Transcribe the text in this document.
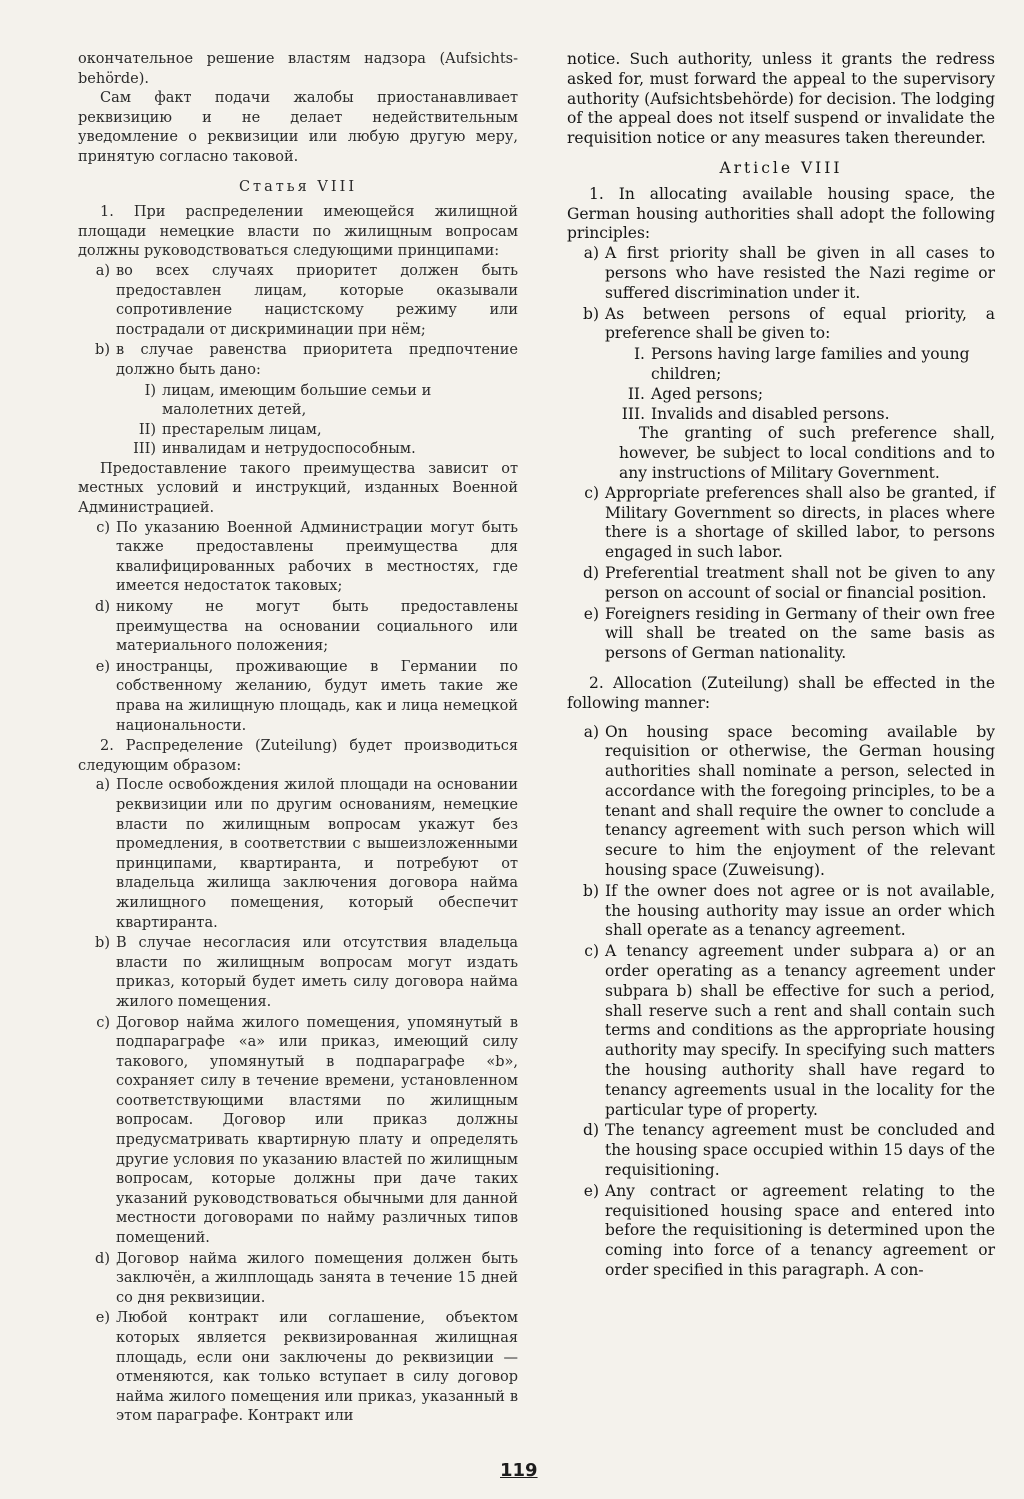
окончательное решение властям надзора (Aufsichts-behörde).

Сам факт подачи жалобы приостанавливает реквизицию и не делает недействительным уведомление о реквизиции или любую другую меру, принятую согласно таковой.

Статья VIII

1. При распределении имеющейся жилищной площади немецкие власти по жилищным вопросам должны руководствоваться следующими принципами:

a) во всех случаях приоритет должен быть предоставлен лицам, которые оказывали сопротивление нацистскому режиму или пострадали от дискриминации при нём;
b) в случае равенства приоритета предпочтение должно быть дано:
I) лицам, имеющим большие семьи и малолетних детей,
II) престарелым лицам,
III) инвалидам и нетрудоспособным.

Предоставление такого преимущества зависит от местных условий и инструкций, изданных Военной Администрацией.

c) По указанию Военной Администрации могут быть также предоставлены преимущества для квалифицированных рабочих в местностях, где имеется недостаток таковых;
d) никому не могут быть предоставлены преимущества на основании социального или материального положения;
e) иностранцы, проживающие в Германии по собственному желанию, будут иметь такие же права на жилищную площадь, как и лица немецкой национальности.

2. Распределение (Zuteilung) будет производиться следующим образом:

a) После освобождения жилой площади на основании реквизиции или по другим основаниям, немецкие власти по жилищным вопросам укажут без промедления, в соответствии с вышеизложенными принципами, квартиранта, и потребуют от владельца жилища заключения договора найма жилищного помещения, который обеспечит квартиранта.
b) В случае несогласия или отсутствия владельца власти по жилищным вопросам могут издать приказ, который будет иметь силу договора найма жилого помещения.
c) Договор найма жилого помещения, упомянутый в подпараграфе «a» или приказ, имеющий силу такового, упомянутый в подпараграфе «b», сохраняет силу в течение времени, установленном соответствующими властями по жилищным вопросам. Договор или приказ должны предусматривать квартирную плату и определять другие условия по указанию властей по жилищным вопросам, которые должны при даче таких указаний руководствоваться обычными для данной местности договорами по найму различных типов помещений.
d) Договор найма жилого помещения должен быть заключён, а жилплощадь занята в течение 15 дней со дня реквизиции.
e) Любой контракт или соглашение, объектом которых является реквизированная жилищная площадь, если они заключены до реквизиции — отменяются, как только вступает в силу договор найма жилого помещения или приказ, указанный в этом параграфе. Контракт или

notice. Such authority, unless it grants the redress asked for, must forward the appeal to the supervisory authority (Aufsichtsbehörde) for decision. The lodging of the appeal does not itself suspend or invalidate the requisition notice or any measures taken thereunder.

Article VIII

1. In allocating available housing space, the German housing authorities shall adopt the following principles:

a) A first priority shall be given in all cases to persons who have resisted the Nazi regime or suffered discrimination under it.
b) As between persons of equal priority, a preference shall be given to:
I. Persons having large families and young children;
II. Aged persons;
III. Invalids and disabled persons.

The granting of such preference shall, however, be subject to local conditions and to any instructions of Military Government.

c) Appropriate preferences shall also be granted, if Military Government so directs, in places where there is a shortage of skilled labor, to persons engaged in such labor.
d) Preferential treatment shall not be given to any person on account of social or financial position.
e) Foreigners residing in Germany of their own free will shall be treated on the same basis as persons of German nationality.

2. Allocation (Zuteilung) shall be effected in the following manner:

a) On housing space becoming available by requisition or otherwise, the German housing authorities shall nominate a person, selected in accordance with the foregoing principles, to be a tenant and shall require the owner to conclude a tenancy agreement with such person which will secure to him the enjoyment of the relevant housing space (Zuweisung).
b) If the owner does not agree or is not available, the housing authority may issue an order which shall operate as a tenancy agreement.
c) A tenancy agreement under subpara a) or an order operating as a tenancy agreement under subpara b) shall be effective for such a period, shall reserve such a rent and shall contain such terms and conditions as the appropriate housing authority may specify. In specifying such matters the housing authority shall have regard to tenancy agreements usual in the locality for the particular type of property.
d) The tenancy agreement must be concluded and the housing space occupied within 15 days of the requisitioning.
e) Any contract or agreement relating to the requisitioned housing space and entered into before the requisitioning is determined upon the coming into force of a tenancy agreement or order specified in this paragraph. A con-
119
